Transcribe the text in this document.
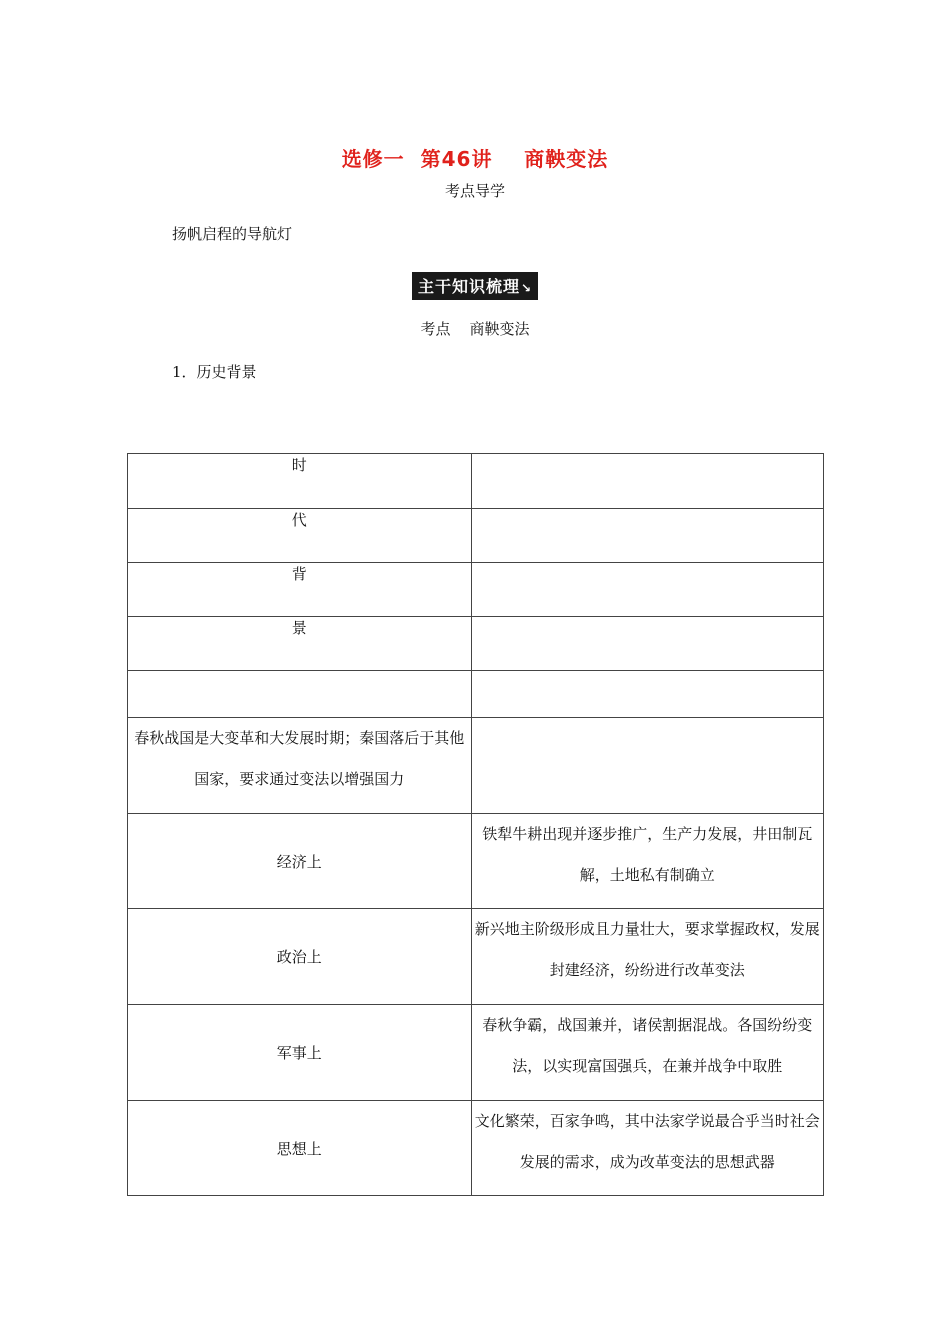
选修一  第46讲    商鞅变法
考点导学
扬帆启程的导航灯
主干知识梳理↘
考点    商鞅变法
1．历史背景
时	
代	
背	
景	

春秋战国是大变革和大发展时期；秦国落后于其他国家，要求通过变法以增强国力	
经济上	铁犁牛耕出现并逐步推广，生产力发展，井田制瓦解，土地私有制确立
政治上	新兴地主阶级形成且力量壮大，要求掌握政权，发展封建经济，纷纷进行改革变法
军事上	春秋争霸，战国兼并，诸侯割据混战。各国纷纷变法，以实现富国强兵，在兼并战争中取胜
思想上	文化繁荣，百家争鸣，其中法家学说最合乎当时社会发展的需求，成为改革变法的思想武器
